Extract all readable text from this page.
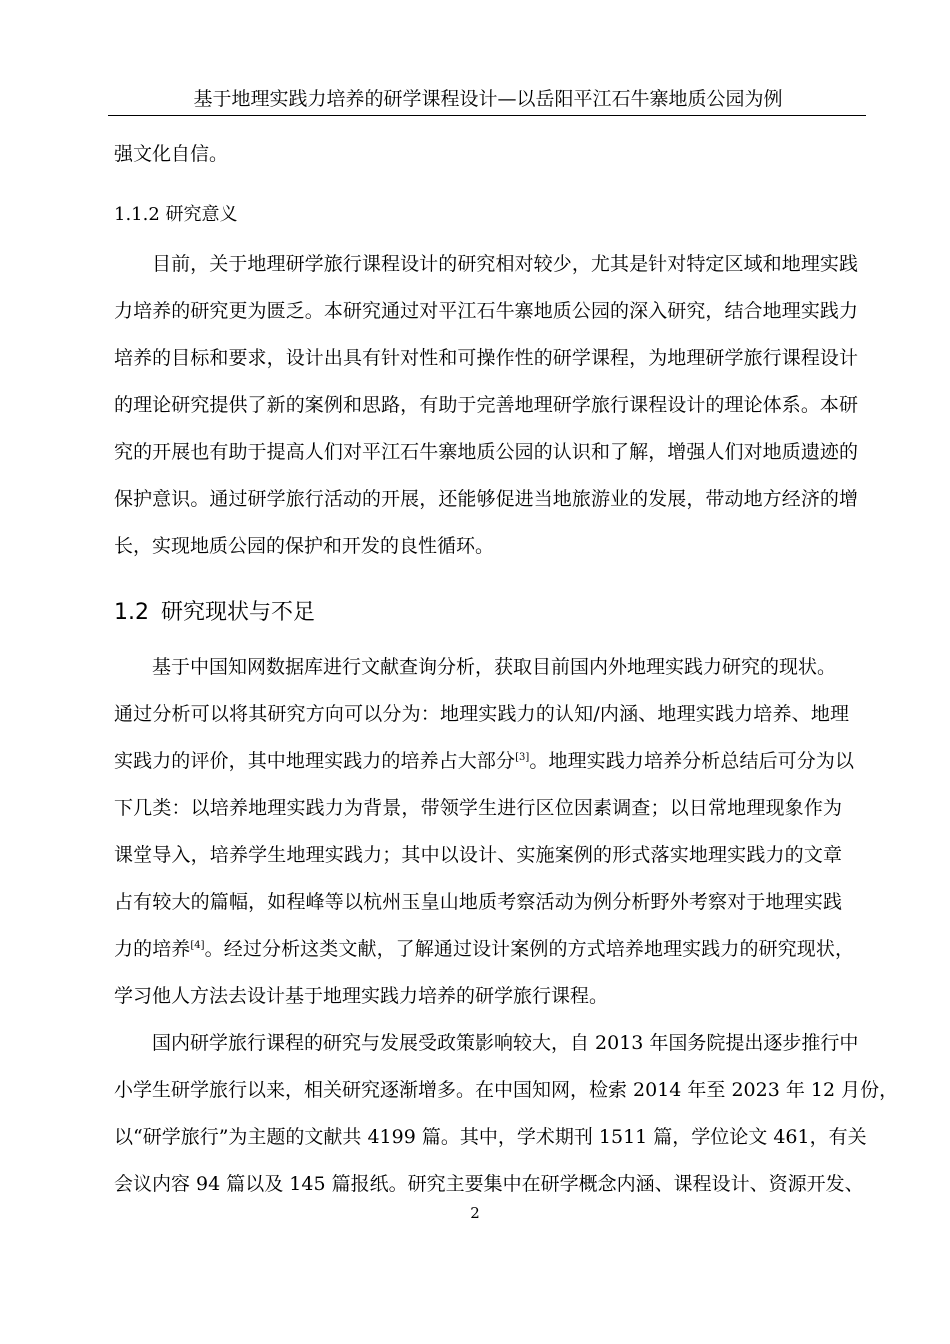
基于地理实践力培养的研学课程设计—以岳阳平江石牛寨地质公园为例
强文化自信。
1.1.2 研究意义
目前，关于地理研学旅行课程设计的研究相对较少，尤其是针对特定区域和地理实践
力培养的研究更为匮乏。本研究通过对平江石牛寨地质公园的深入研究，结合地理实践力
培养的目标和要求，设计出具有针对性和可操作性的研学课程，为地理研学旅行课程设计
的理论研究提供了新的案例和思路，有助于完善地理研学旅行课程设计的理论体系。本研
究的开展也有助于提高人们对平江石牛寨地质公园的认识和了解，增强人们对地质遗迹的
保护意识。通过研学旅行活动的开展，还能够促进当地旅游业的发展，带动地方经济的增
长，实现地质公园的保护和开发的良性循环。
1.2 研究现状与不足
基于中国知网数据库进行文献查询分析，获取目前国内外地理实践力研究的现状。
通过分析可以将其研究方向可以分为：地理实践力的认知/内涵、地理实践力培养、地理
实践力的评价，其中地理实践力的培养占大部分[3]。地理实践力培养分析总结后可分为以
下几类：以培养地理实践力为背景，带领学生进行区位因素调查；以日常地理现象作为
课堂导入，培养学生地理实践力；其中以设计、实施案例的形式落实地理实践力的文章
占有较大的篇幅，如程峰等以杭州玉皇山地质考察活动为例分析野外考察对于地理实践
力的培养[4]。经过分析这类文献，了解通过设计案例的方式培养地理实践力的研究现状，
学习他人方法去设计基于地理实践力培养的研学旅行课程。
国内研学旅行课程的研究与发展受政策影响较大，自 2013 年国务院提出逐步推行中
小学生研学旅行以来，相关研究逐渐增多。在中国知网，检索 2014 年至 2023 年 12 月份，
以“研学旅行”为主题的文献共 4199 篇。其中，学术期刊 1511 篇，学位论文 461，有关
会议内容 94 篇以及 145 篇报纸。研究主要集中在研学概念内涵、课程设计、资源开发、
2
